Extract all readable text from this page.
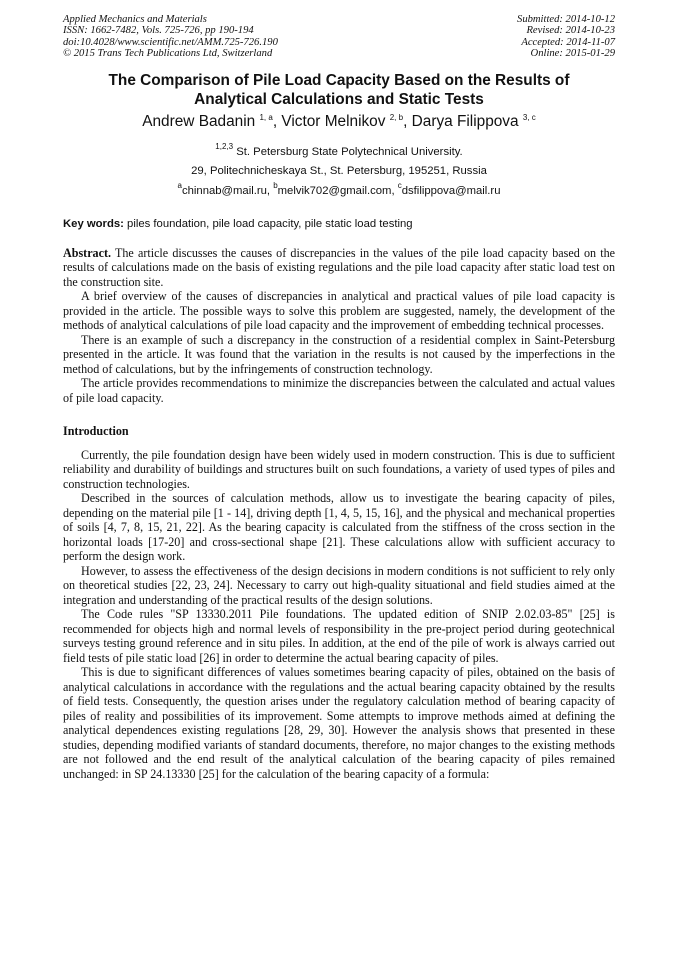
Applied Mechanics and Materials
ISSN: 1662-7482, Vols. 725-726, pp 190-194
doi:10.4028/www.scientific.net/AMM.725-726.190
© 2015 Trans Tech Publications Ltd, Switzerland
Submitted: 2014-10-12
Revised: 2014-10-23
Accepted: 2014-11-07
Online: 2015-01-29
The Comparison of Pile Load Capacity Based on the Results of
Analytical Calculations and Static Tests
Andrew Badanin $^{1, a}$, Victor Melnikov $^{2, b}$, Darya Filippova $^{3, c}$
$^{1,2,3}$ St. Petersburg State Polytechnical University.
29, Politechnicheskaya St., St. Petersburg, 195251, Russia
$^a$chinnab@mail.ru, $^b$melvik702@gmail.com, $^c$dsfilippova@mail.ru
Key words: piles foundation, pile load capacity, pile static load testing

Abstract. The article discusses the causes of discrepancies in the values of the pile load capacity based on the results of calculations made on the basis of existing regulations and the pile load capacity after static load test on the construction site.

A brief overview of the causes of discrepancies in analytical and practical values of pile load capacity is provided in the article. The possible ways to solve this problem are suggested, namely, the development of the methods of analytical calculations of pile load capacity and the improvement of embedding technical processes.

There is an example of such a discrepancy in the construction of a residential complex in Saint-Petersburg presented in the article. It was found that the variation in the results is not caused by the imperfections in the method of calculations, but by the infringements of construction technology.

The article provides recommendations to minimize the discrepancies between the calculated and actual values of pile load capacity.

Introduction

Currently, the pile foundation design have been widely used in modern construction. This is due to sufficient reliability and durability of buildings and structures built on such foundations, a variety of used types of piles and construction technologies.

Described in the sources of calculation methods, allow us to investigate the bearing capacity of piles, depending on the material pile [1 - 14], driving depth [1, 4, 5, 15, 16], and the physical and mechanical properties of soils [4, 7, 8, 15, 21, 22]. As the bearing capacity is calculated from the stiffness of the cross section in the horizontal loads [17-20] and cross-sectional shape [21]. These calculations allow with sufficient accuracy to perform the design work.

However, to assess the effectiveness of the design decisions in modern conditions is not sufficient to rely only on theoretical studies [22, 23, 24]. Necessary to carry out high-quality situational and field studies aimed at the integration and understanding of the practical results of the design solutions.

The Code rules "SP 13330.2011 Pile foundations. The updated edition of SNIP 2.02.03-85" [25] is recommended for objects high and normal levels of responsibility in the pre-project period during geotechnical surveys testing ground reference and in situ piles. In addition, at the end of the pile of work is always carried out field tests of pile static load [26] in order to determine the actual bearing capacity of piles.

This is due to significant differences of values sometimes bearing capacity of piles, obtained on the basis of analytical calculations in accordance with the regulations and the actual bearing capacity obtained by the results of field tests. Consequently, the question arises under the regulatory calculation method of bearing capacity of piles of reality and possibilities of its improvement. Some attempts to improve methods aimed at defining the analytical dependences existing regulations [28, 29, 30]. However the analysis shows that presented in these studies, depending modified variants of standard documents, therefore, no major changes to the existing methods are not followed and the end result of the analytical calculation of the bearing capacity of piles remained unchanged: in SP 24.13330 [25] for the calculation of the bearing capacity of a formula:
